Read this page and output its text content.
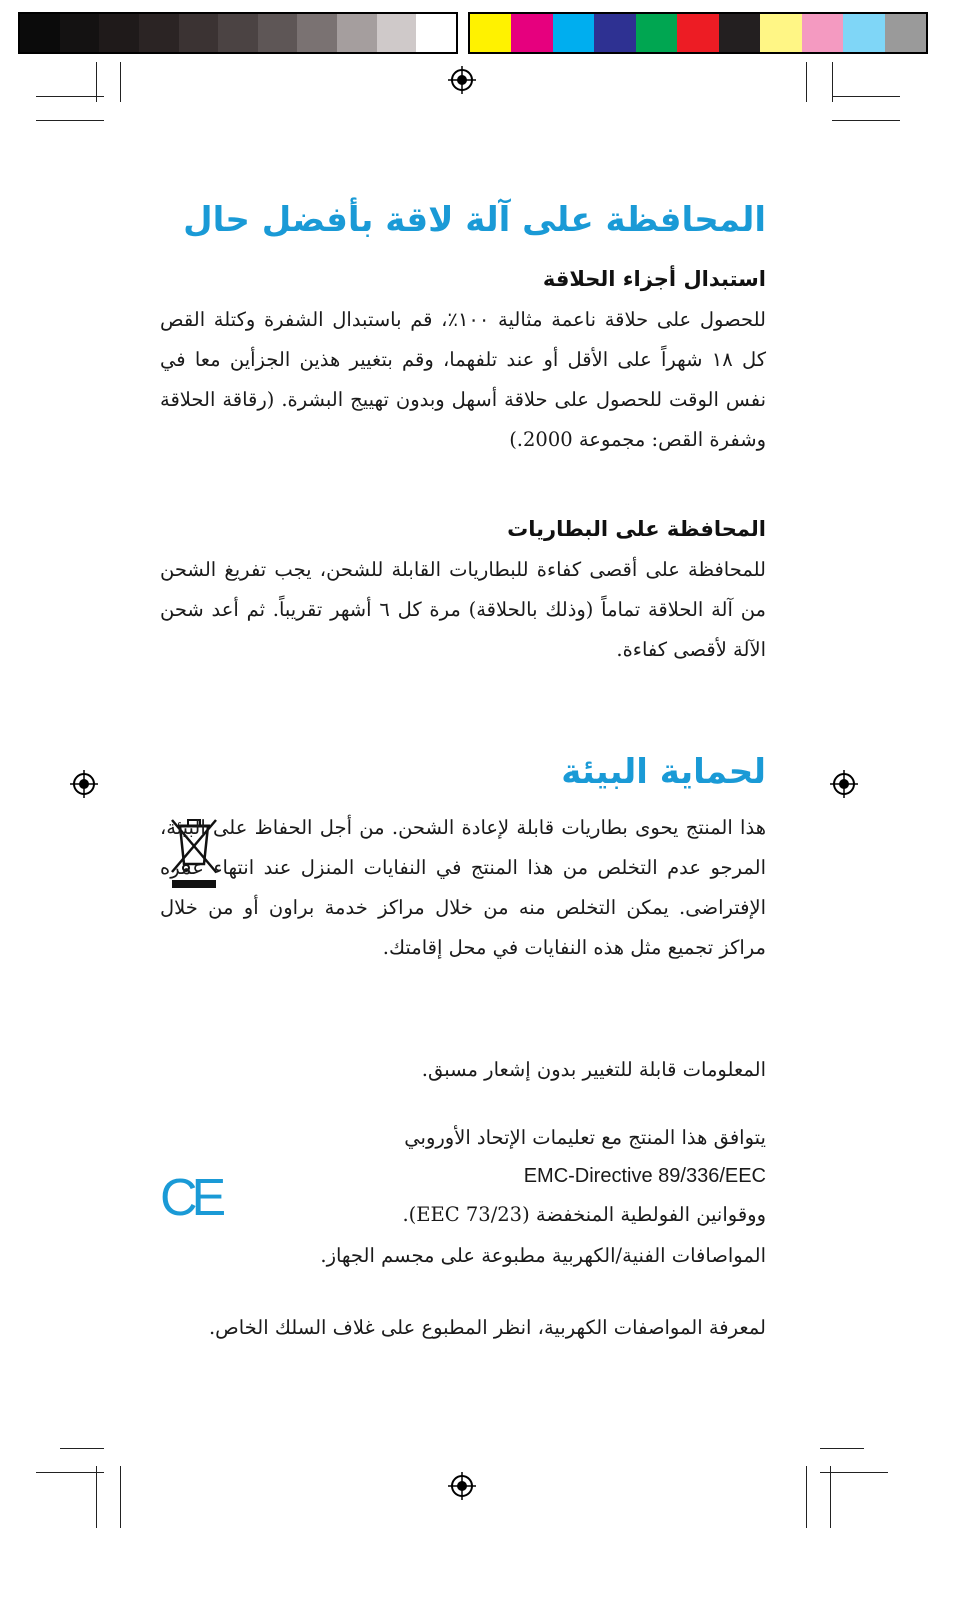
المحافظة على آلة لاقة بأفضل حال
استبدال أجزاء الحلاقة

للحصول على حلاقة ناعمة مثالية ١٠٠٪، قم باستبدال الشفرة وكتلة القص كل ١٨ شهراً على الأقل أو عند تلفهما، وقم بتغيير هذين الجزأين معا في نفس الوقت للحصول على حلاقة أسهل وبدون تهييج البشرة. (رقاقة الحلاقة وشفرة القص: مجموعة 2000.)

المحافظة على البطاريات

للمحافظة على أقصى كفاءة للبطاريات القابلة للشحن، يجب تفريغ الشحن من آلة الحلاقة تماماً (وذلك بالحلاقة) مرة كل ٦ أشهر تقريباً. ثم أعد شحن الآلة لأقصى كفاءة.

لحماية البيئة

هذا المنتج يحوى بطاريات قابلة لإعادة الشحن. من أجل الحفاظ على البيئة، المرجو عدم التخلص من هذا المنتج في النفايات المنزل عند انتهاء عمره الإفتراضى. يمكن التخلص منه من خلال مراكز خدمة براون أو من خلال مراكز تجميع مثل هذه النفايات في محل إقامتك.

المعلومات قابلة للتغيير بدون إشعار مسبق.

CE
يتوافق هذا المنتج مع تعليمات الإتحاد الأوروبي
EMC-Directive 89/336/EEC
ووقوانين الفولطية المنخفضة (73/23 EEC).
المواصافات الفنية/الكهربية مطبوعة على مجسم الجهاز.

لمعرفة المواصفات الكهربية، انظر المطبوع على غلاف السلك الخاص.
